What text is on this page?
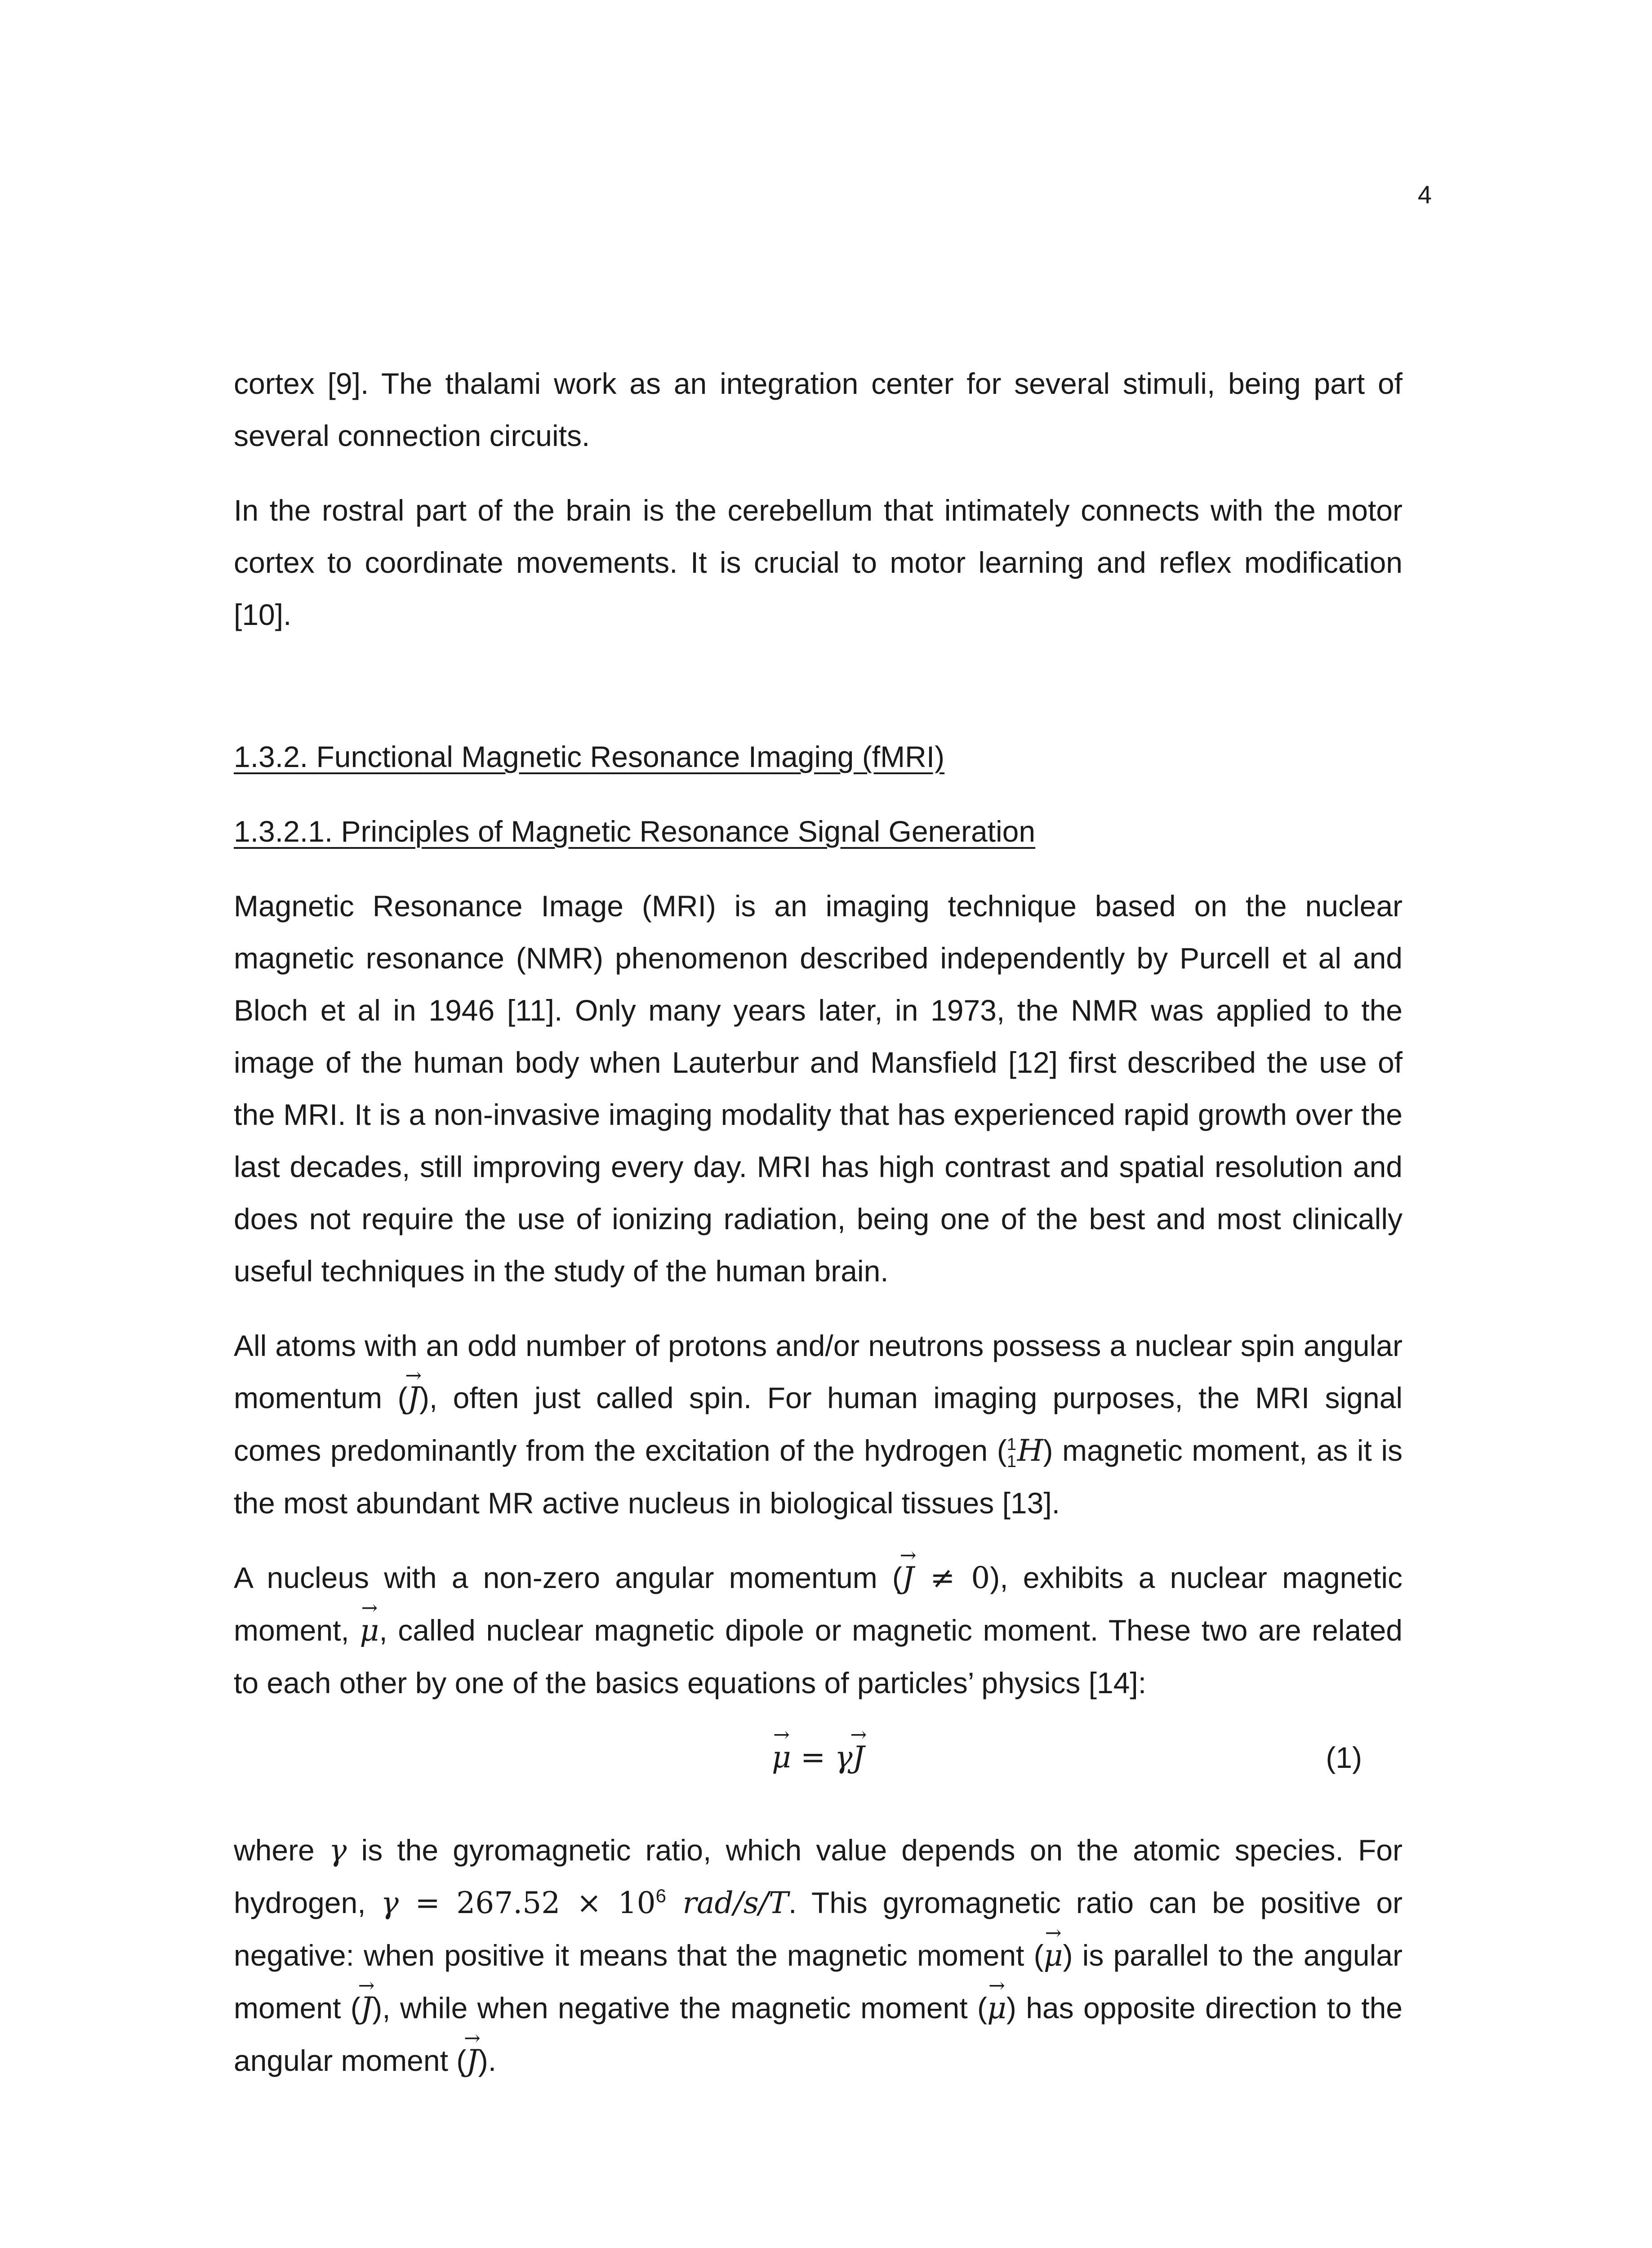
4

cortex [9]. The thalami work as an integration center for several stimuli, being part of several connection circuits.

In the rostral part of the brain is the cerebellum that intimately connects with the motor cortex to coordinate movements. It is crucial to motor learning and reflex modification [10].

1.3.2. Functional Magnetic Resonance Imaging (fMRI)

1.3.2.1. Principles of Magnetic Resonance Signal Generation

Magnetic Resonance Image (MRI) is an imaging technique based on the nuclear magnetic resonance (NMR) phenomenon described independently by Purcell et al and Bloch et al in 1946 [11]. Only many years later, in 1973, the NMR was applied to the image of the human body when Lauterbur and Mansfield [12] first described the use of the MRI. It is a non-invasive imaging modality that has experienced rapid growth over the last decades, still improving every day. MRI has high contrast and spatial resolution and does not require the use of ionizing radiation, being one of the best and most clinically useful techniques in the study of the human brain.

All atoms with an odd number of protons and/or neutrons possess a nuclear spin angular momentum (→ J), often just called spin. For human imaging purposes, the MRI signal comes predominantly from the excitation of the hydrogen ( 1
1 H) magnetic moment, as it is the most abundant MR active nucleus in biological tissues [13].

A nucleus with a non-zero angular momentum (→ J ≠ 0), exhibits a nuclear magnetic moment, → μ, called nuclear magnetic dipole or magnetic moment. These two are related to each other by one of the basics equations of particles’ physics [14]:

→ μ = γ→ J	(1)

where γ is the gyromagnetic ratio, which value depends on the atomic species. For hydrogen, $\gamma = 267.52 \times 10^6$ rad/s/T. This gyromagnetic ratio can be positive or negative: when positive it means that the magnetic moment (→ μ) is parallel to the angular moment (→ J), while when negative the magnetic moment (→ μ) has opposite direction to the angular moment (→ J).
